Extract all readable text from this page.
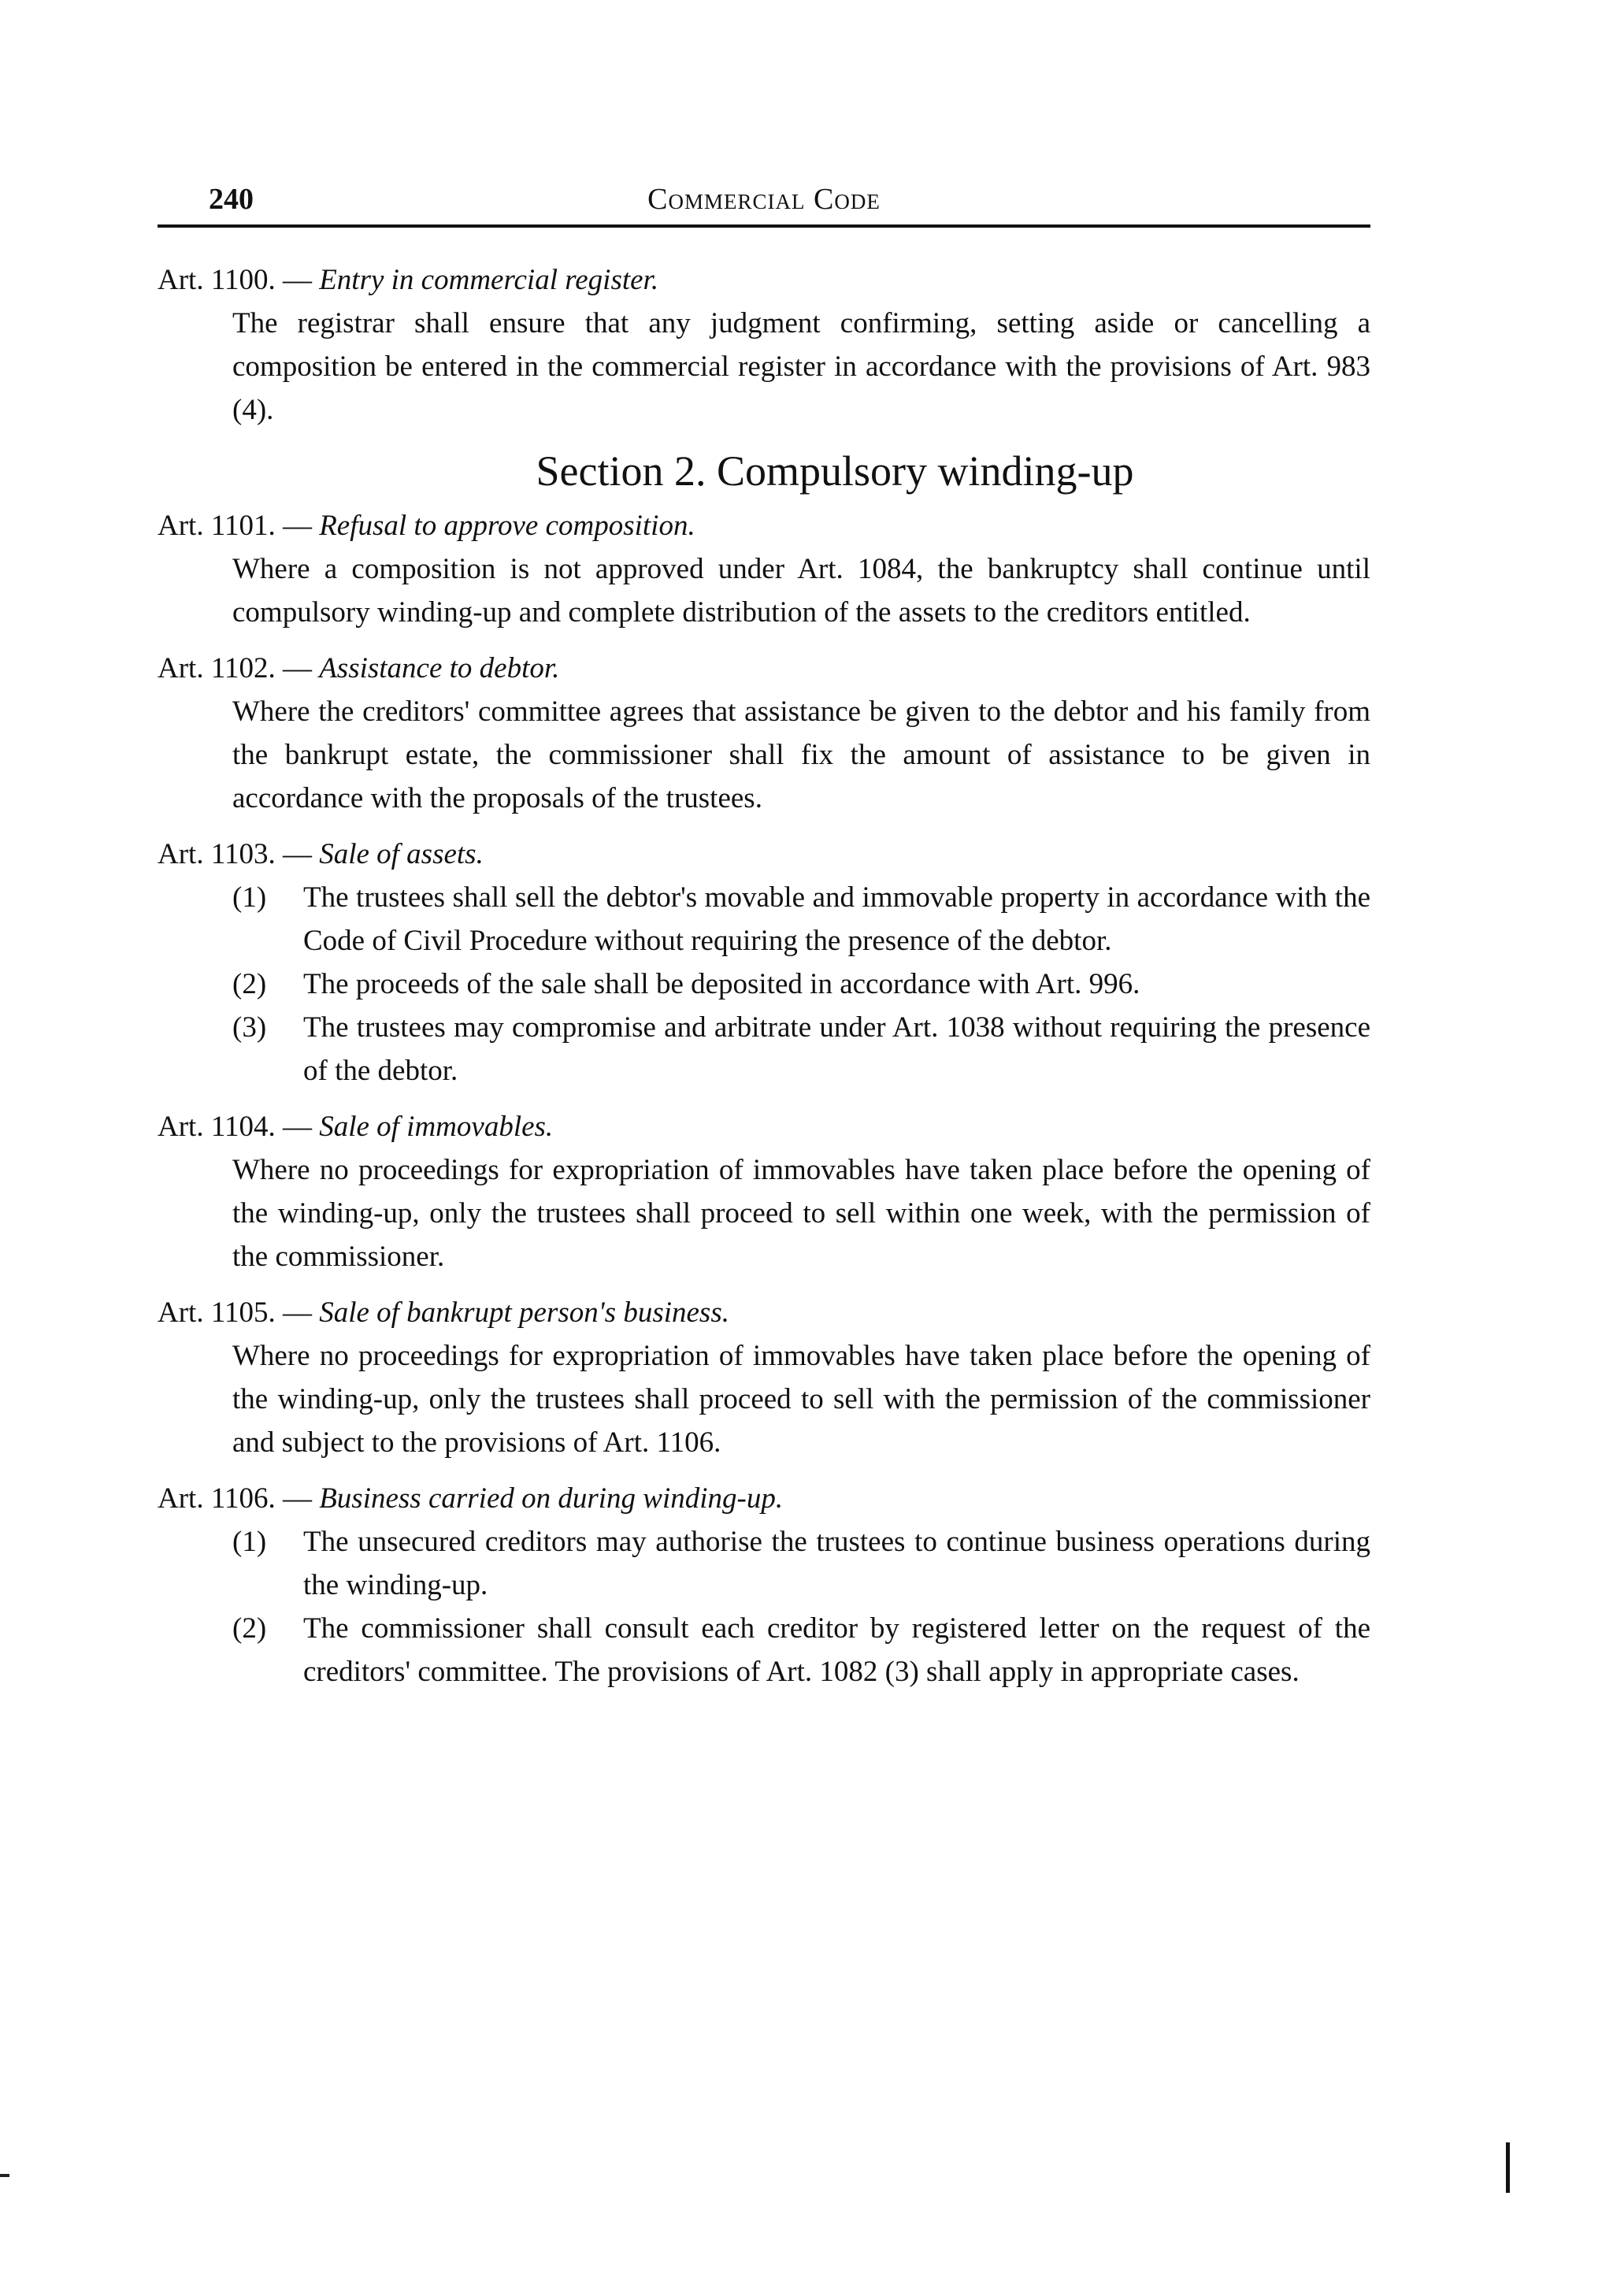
240	Commercial Code

Art. 1100. — Entry in commercial register.

The registrar shall ensure that any judgment confirming, setting aside or cancelling a composition be entered in the commercial register in accordance with the provisions of Art. 983 (4).

Section 2. Compulsory winding-up

Art. 1101. — Refusal to approve composition.

Where a composition is not approved under Art. 1084, the bankruptcy shall continue until compulsory winding-up and complete distribution of the assets to the creditors entitled.

Art. 1102. — Assistance to debtor.

Where the creditors' committee agrees that assistance be given to the debtor and his family from the bankrupt estate, the commissioner shall fix the amount of assistance to be given in accordance with the proposals of the trustees.

Art. 1103. — Sale of assets.

(1) The trustees shall sell the debtor's movable and immovable property in accordance with the Code of Civil Procedure without requiring the presence of the debtor.
(2) The proceeds of the sale shall be deposited in accordance with Art. 996.
(3) The trustees may compromise and arbitrate under Art. 1038 without requiring the presence of the debtor.

Art. 1104. — Sale of immovables.

Where no proceedings for expropriation of immovables have taken place before the opening of the winding-up, only the trustees shall proceed to sell within one week, with the permission of the commissioner.

Art. 1105. — Sale of bankrupt person's business.

Where no proceedings for expropriation of immovables have taken place before the opening of the winding-up, only the trustees shall proceed to sell with the permission of the commissioner and subject to the provisions of Art. 1106.

Art. 1106. — Business carried on during winding-up.

(1) The unsecured creditors may authorise the trustees to continue business operations during the winding-up.
(2) The commissioner shall consult each creditor by registered letter on the request of the creditors' committee. The provisions of Art. 1082 (3) shall apply in appropriate cases.
